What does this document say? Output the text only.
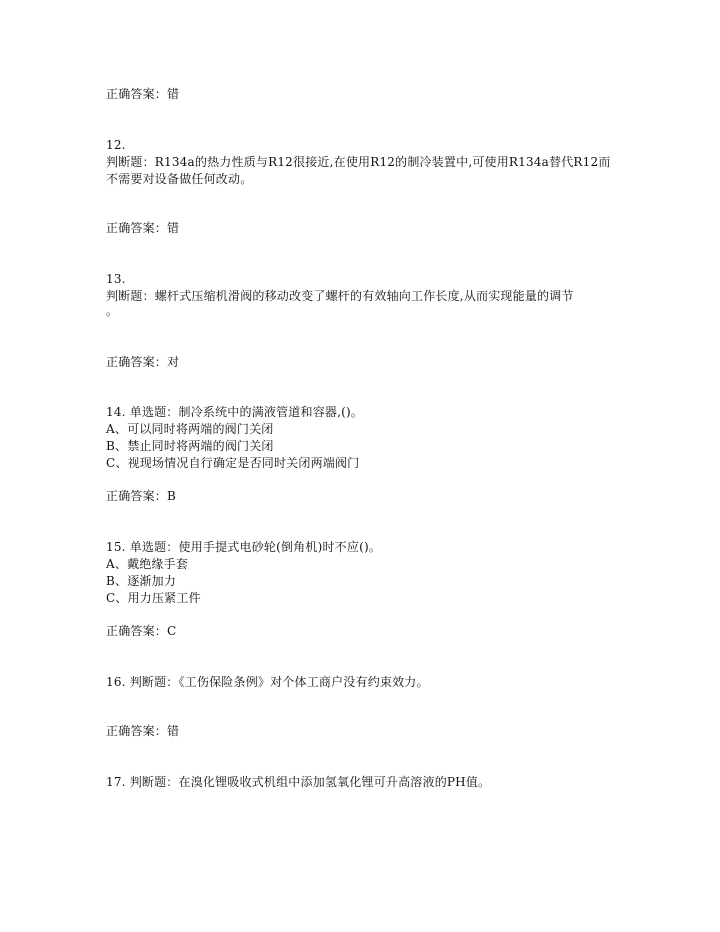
正确答案：错
12.
判断题：R134a的热力性质与R12很接近,在使用R12的制冷装置中,可使用R134a替代R12而
不需要对设备做任何改动。
正确答案：错
13.
判断题：螺杆式压缩机滑阀的移动改变了螺杆的有效轴向工作长度,从而实现能量的调节
。
正确答案：对
14. 单选题：制冷系统中的满液管道和容器,()。
A、可以同时将两端的阀门关闭
B、禁止同时将两端的阀门关闭
C、视现场情况自行确定是否同时关闭两端阀门
正确答案：B
15. 单选题：使用手提式电砂轮(倒角机)时不应()。
A、戴绝缘手套
B、逐渐加力
C、用力压紧工件
正确答案：C
16. 判断题：《工伤保险条例》对个体工商户没有约束效力。
正确答案：错
17. 判断题：在溴化锂吸收式机组中添加氢氧化锂可升高溶液的PH值。
